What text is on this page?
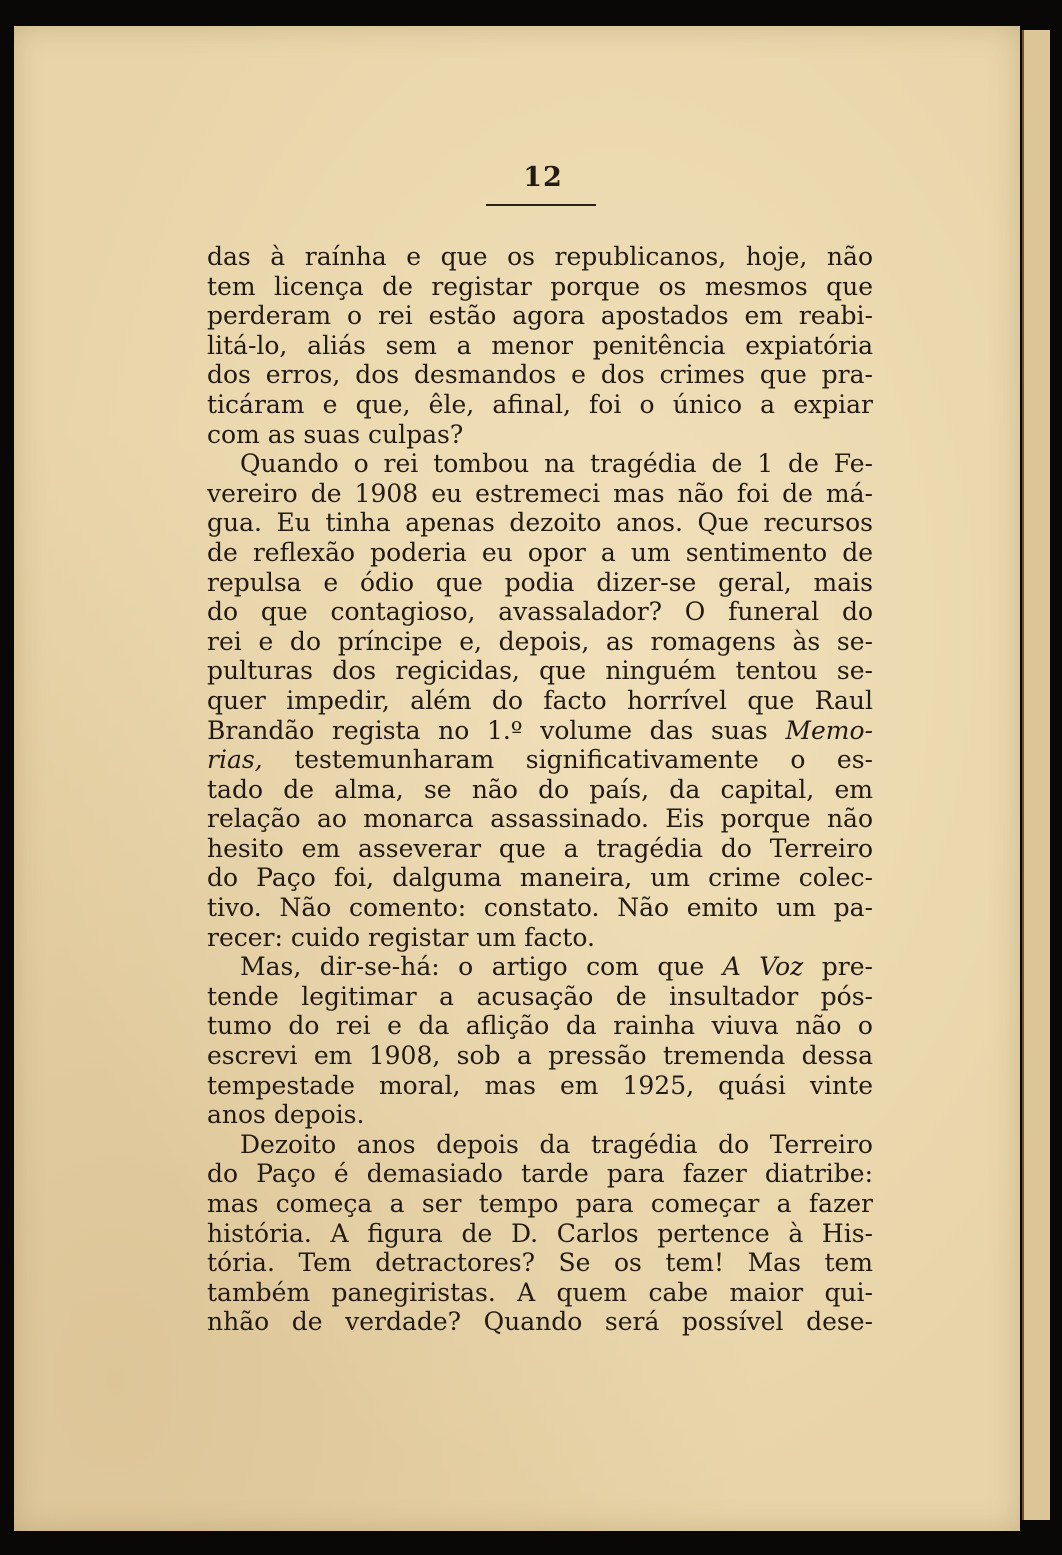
12
das à raínha e que os republicanos, hoje, não
tem licença de registar porque os mesmos que
perderam o rei estão agora apostados em reabi-
litá-lo, aliás sem a menor penitência expiatória
dos erros, dos desmandos e dos crimes que pra-
ticáram e que, êle, afinal, foi o único a expiar
com as suas culpas?
Quando o rei tombou na tragédia de 1 de Fe-
vereiro de 1908 eu estremeci mas não foi de má-
gua. Eu tinha apenas dezoito anos. Que recursos
de reflexão poderia eu opor a um sentimento de
repulsa e ódio que podia dizer-se geral, mais
do que contagioso, avassalador? O funeral do
rei e do príncipe e, depois, as romagens às se-
pulturas dos regicidas, que ninguém tentou se-
quer impedir, além do facto horrível que Raul
Brandão regista no 1.º volume das suas Memo-
rias, testemunharam significativamente o es-
tado de alma, se não do país, da capital, em
relação ao monarca assassinado. Eis porque não
hesito em asseverar que a tragédia do Terreiro
do Paço foi, dalguma maneira, um crime colec-
tivo. Não comento: constato. Não emito um pa-
recer: cuido registar um facto.
Mas, dir-se-há: o artigo com que A Voz pre-
tende legitimar a acusação de insultador pós-
tumo do rei e da aflição da rainha viuva não o
escrevi em 1908, sob a pressão tremenda dessa
tempestade moral, mas em 1925, quási vinte
anos depois.
Dezoito anos depois da tragédia do Terreiro
do Paço é demasiado tarde para fazer diatribe:
mas começa a ser tempo para começar a fazer
história. A figura de D. Carlos pertence à His-
tória. Tem detractores? Se os tem! Mas tem
também panegiristas. A quem cabe maior qui-
nhão de verdade? Quando será possível dese-
